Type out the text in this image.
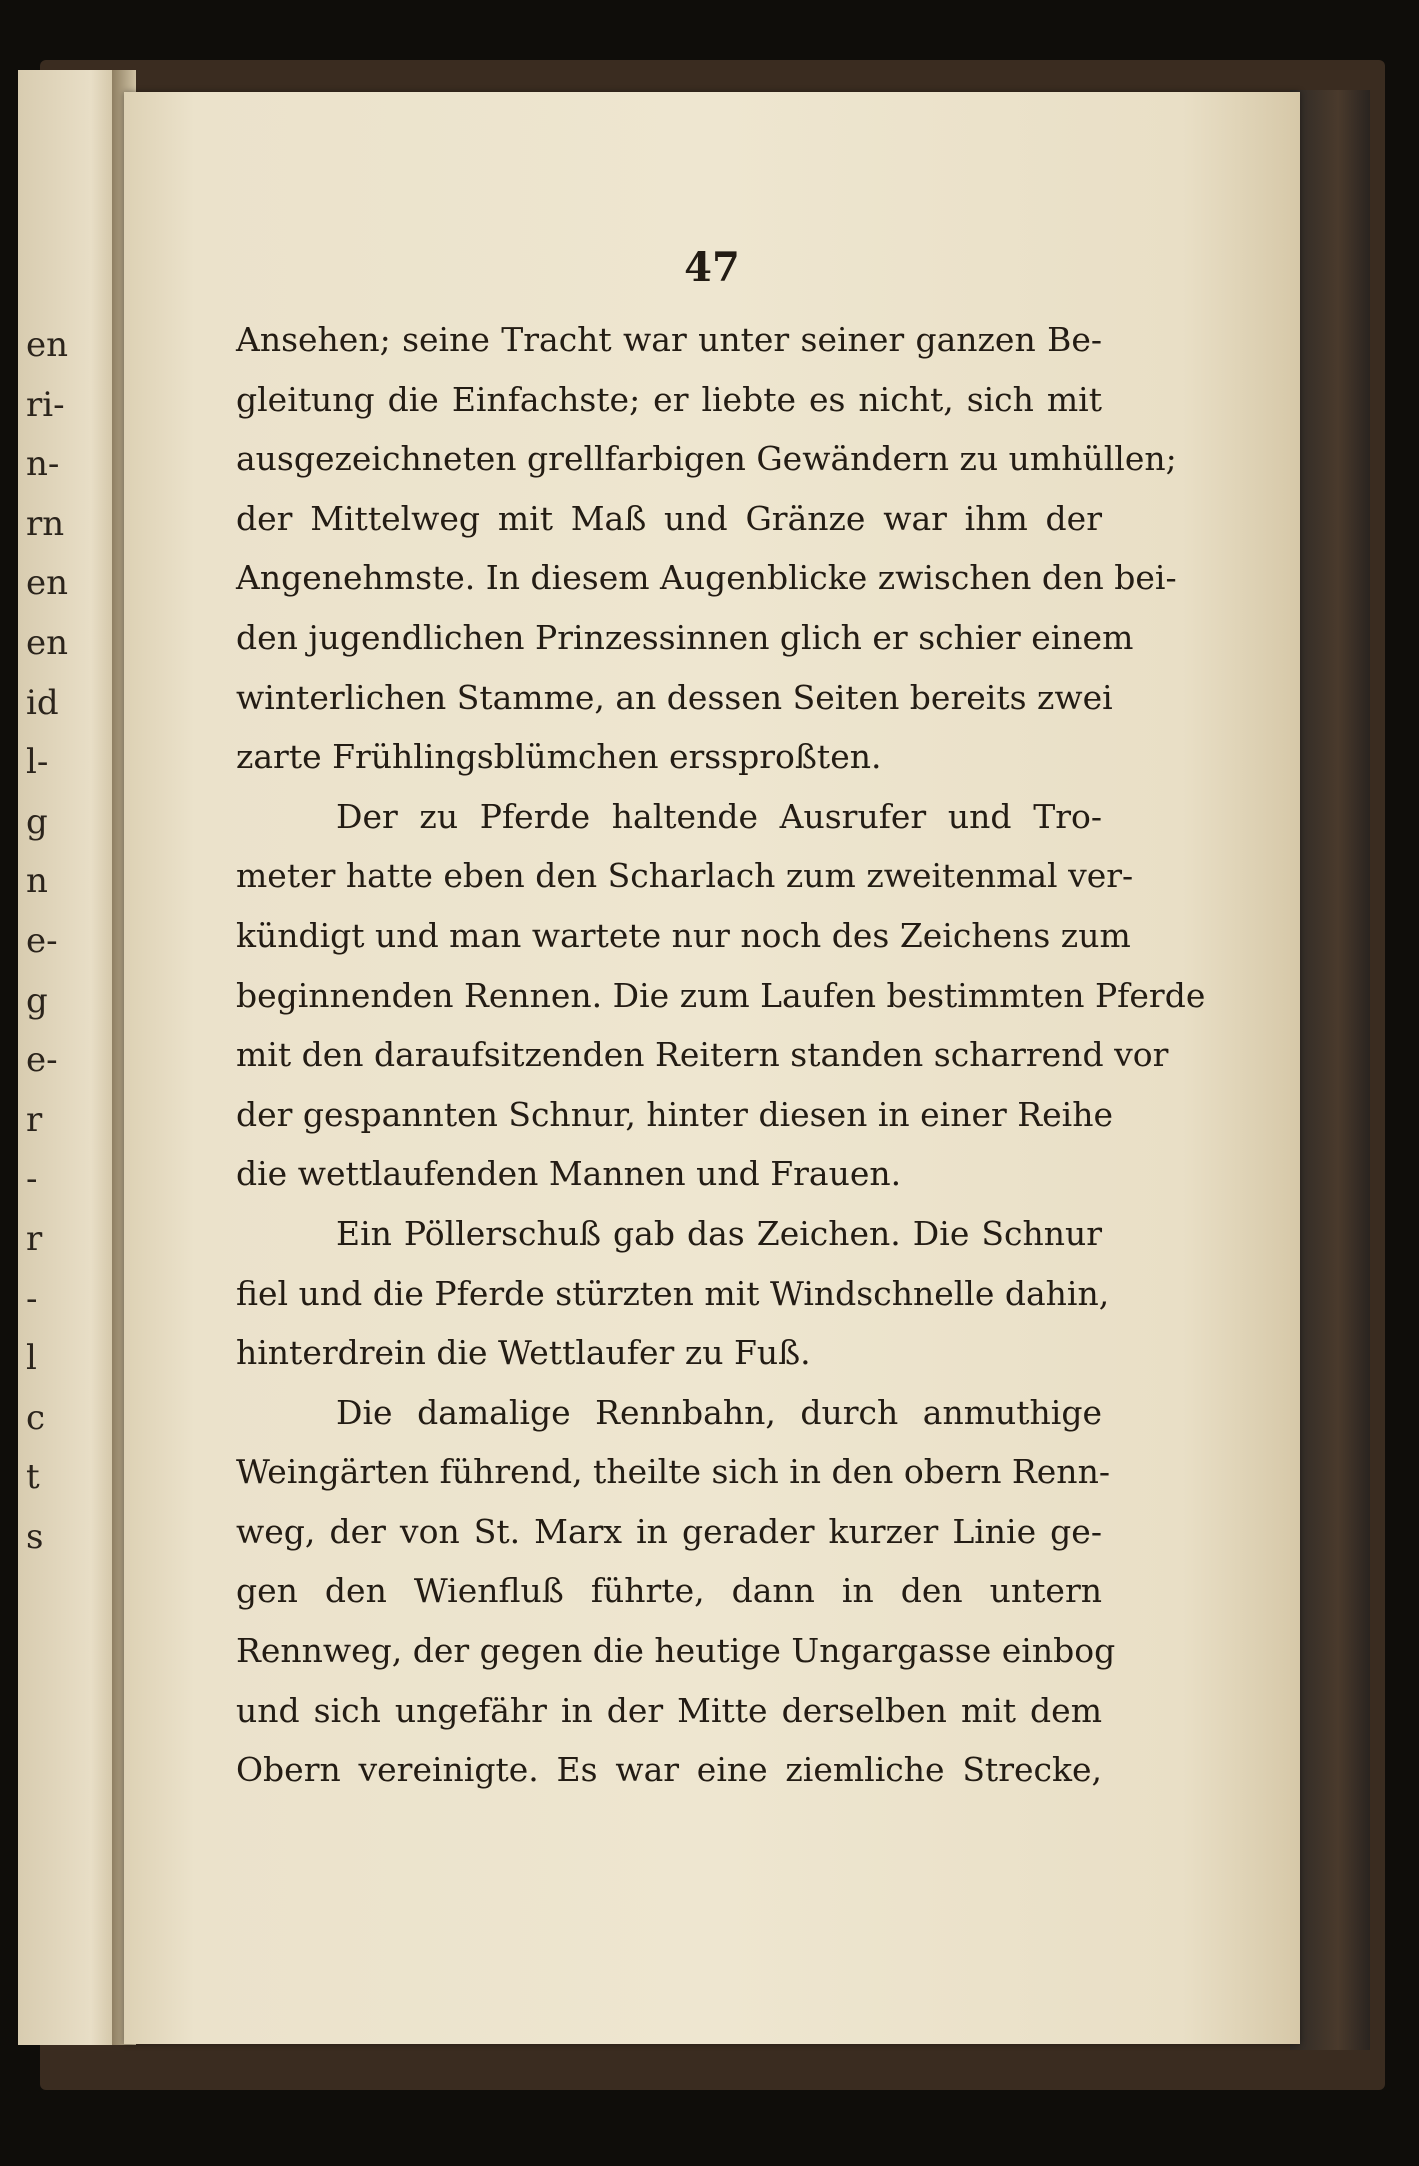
en
ri-
n-
rn
en
en
id
l-
g
n
e-
g
e-
r
-
r
-
l
c
t
s
47
Ansehen; seine Tracht war unter seiner ganzen Be-
gleitung die Einfachste; er liebte es nicht, sich mit
ausgezeichneten grellfarbigen Gewändern zu umhüllen;
der Mittelweg mit Maß und Gränze war ihm der
Angenehmste. In diesem Augenblicke zwischen den bei-
den jugendlichen Prinzessinnen glich er schier einem
winterlichen Stamme, an dessen Seiten bereits zwei
zarte Frühlingsblümchen erssproßten.
Der zu Pferde haltende Ausrufer und Tro-
meter hatte eben den Scharlach zum zweitenmal ver-
kündigt und man wartete nur noch des Zeichens zum
beginnenden Rennen. Die zum Laufen bestimmten Pferde
mit den daraufsitzenden Reitern standen scharrend vor
der gespannten Schnur, hinter diesen in einer Reihe
die wettlaufenden Mannen und Frauen.
Ein Pöllerschuß gab das Zeichen. Die Schnur
fiel und die Pferde stürzten mit Windschnelle dahin,
hinterdrein die Wettlaufer zu Fuß.
Die damalige Rennbahn, durch anmuthige
Weingärten führend, theilte sich in den obern Renn-
weg, der von St. Marx in gerader kurzer Linie ge-
gen den Wienfluß führte, dann in den untern
Rennweg, der gegen die heutige Ungargasse einbog
und sich ungefähr in der Mitte derselben mit dem
Obern vereinigte. Es war eine ziemliche Strecke,
